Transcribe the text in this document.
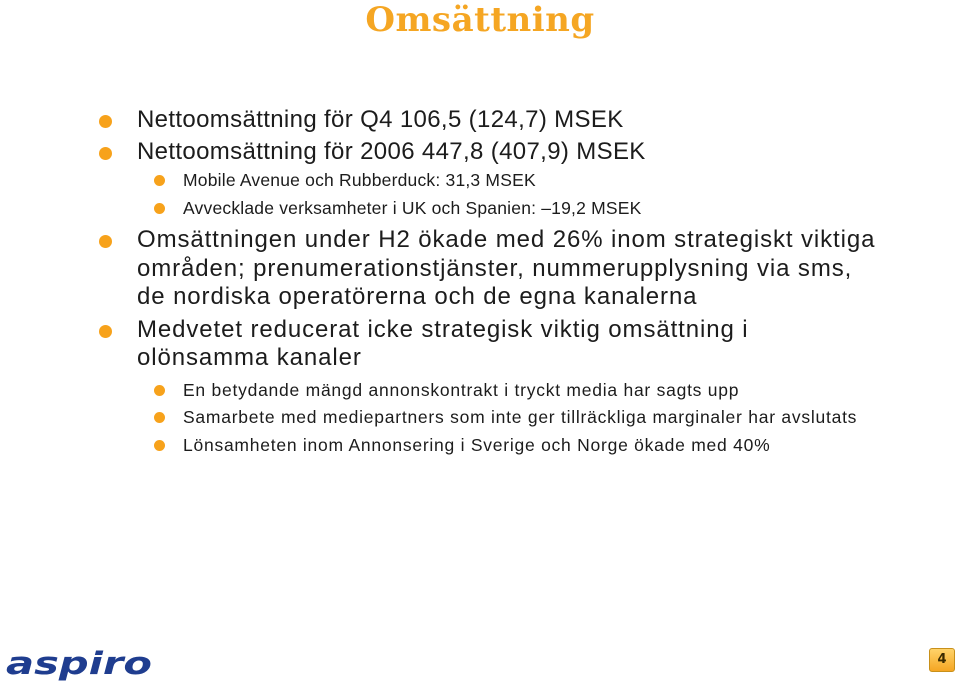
Omsättning
Nettoomsättning för Q4 106,5 (124,7) MSEK
Nettoomsättning för 2006 447,8 (407,9) MSEK
Mobile Avenue och Rubberduck: 31,3 MSEK
Avvecklade verksamheter i UK och Spanien: –19,2 MSEK
Omsättningen under H2 ökade med 26% inom strategiskt viktiga områden; prenumerationstjänster, nummerupplysning via sms, de nordiska operatörerna och de egna kanalerna
Medvetet reducerat icke strategisk viktig omsättning i olönsamma kanaler
En betydande mängd annonskontrakt i tryckt media har sagts upp
Samarbete med mediepartners som inte ger tillräckliga marginaler har avslutats
Lönsamheten inom Annonsering i Sverige och Norge ökade med 40%
aspiro	4
